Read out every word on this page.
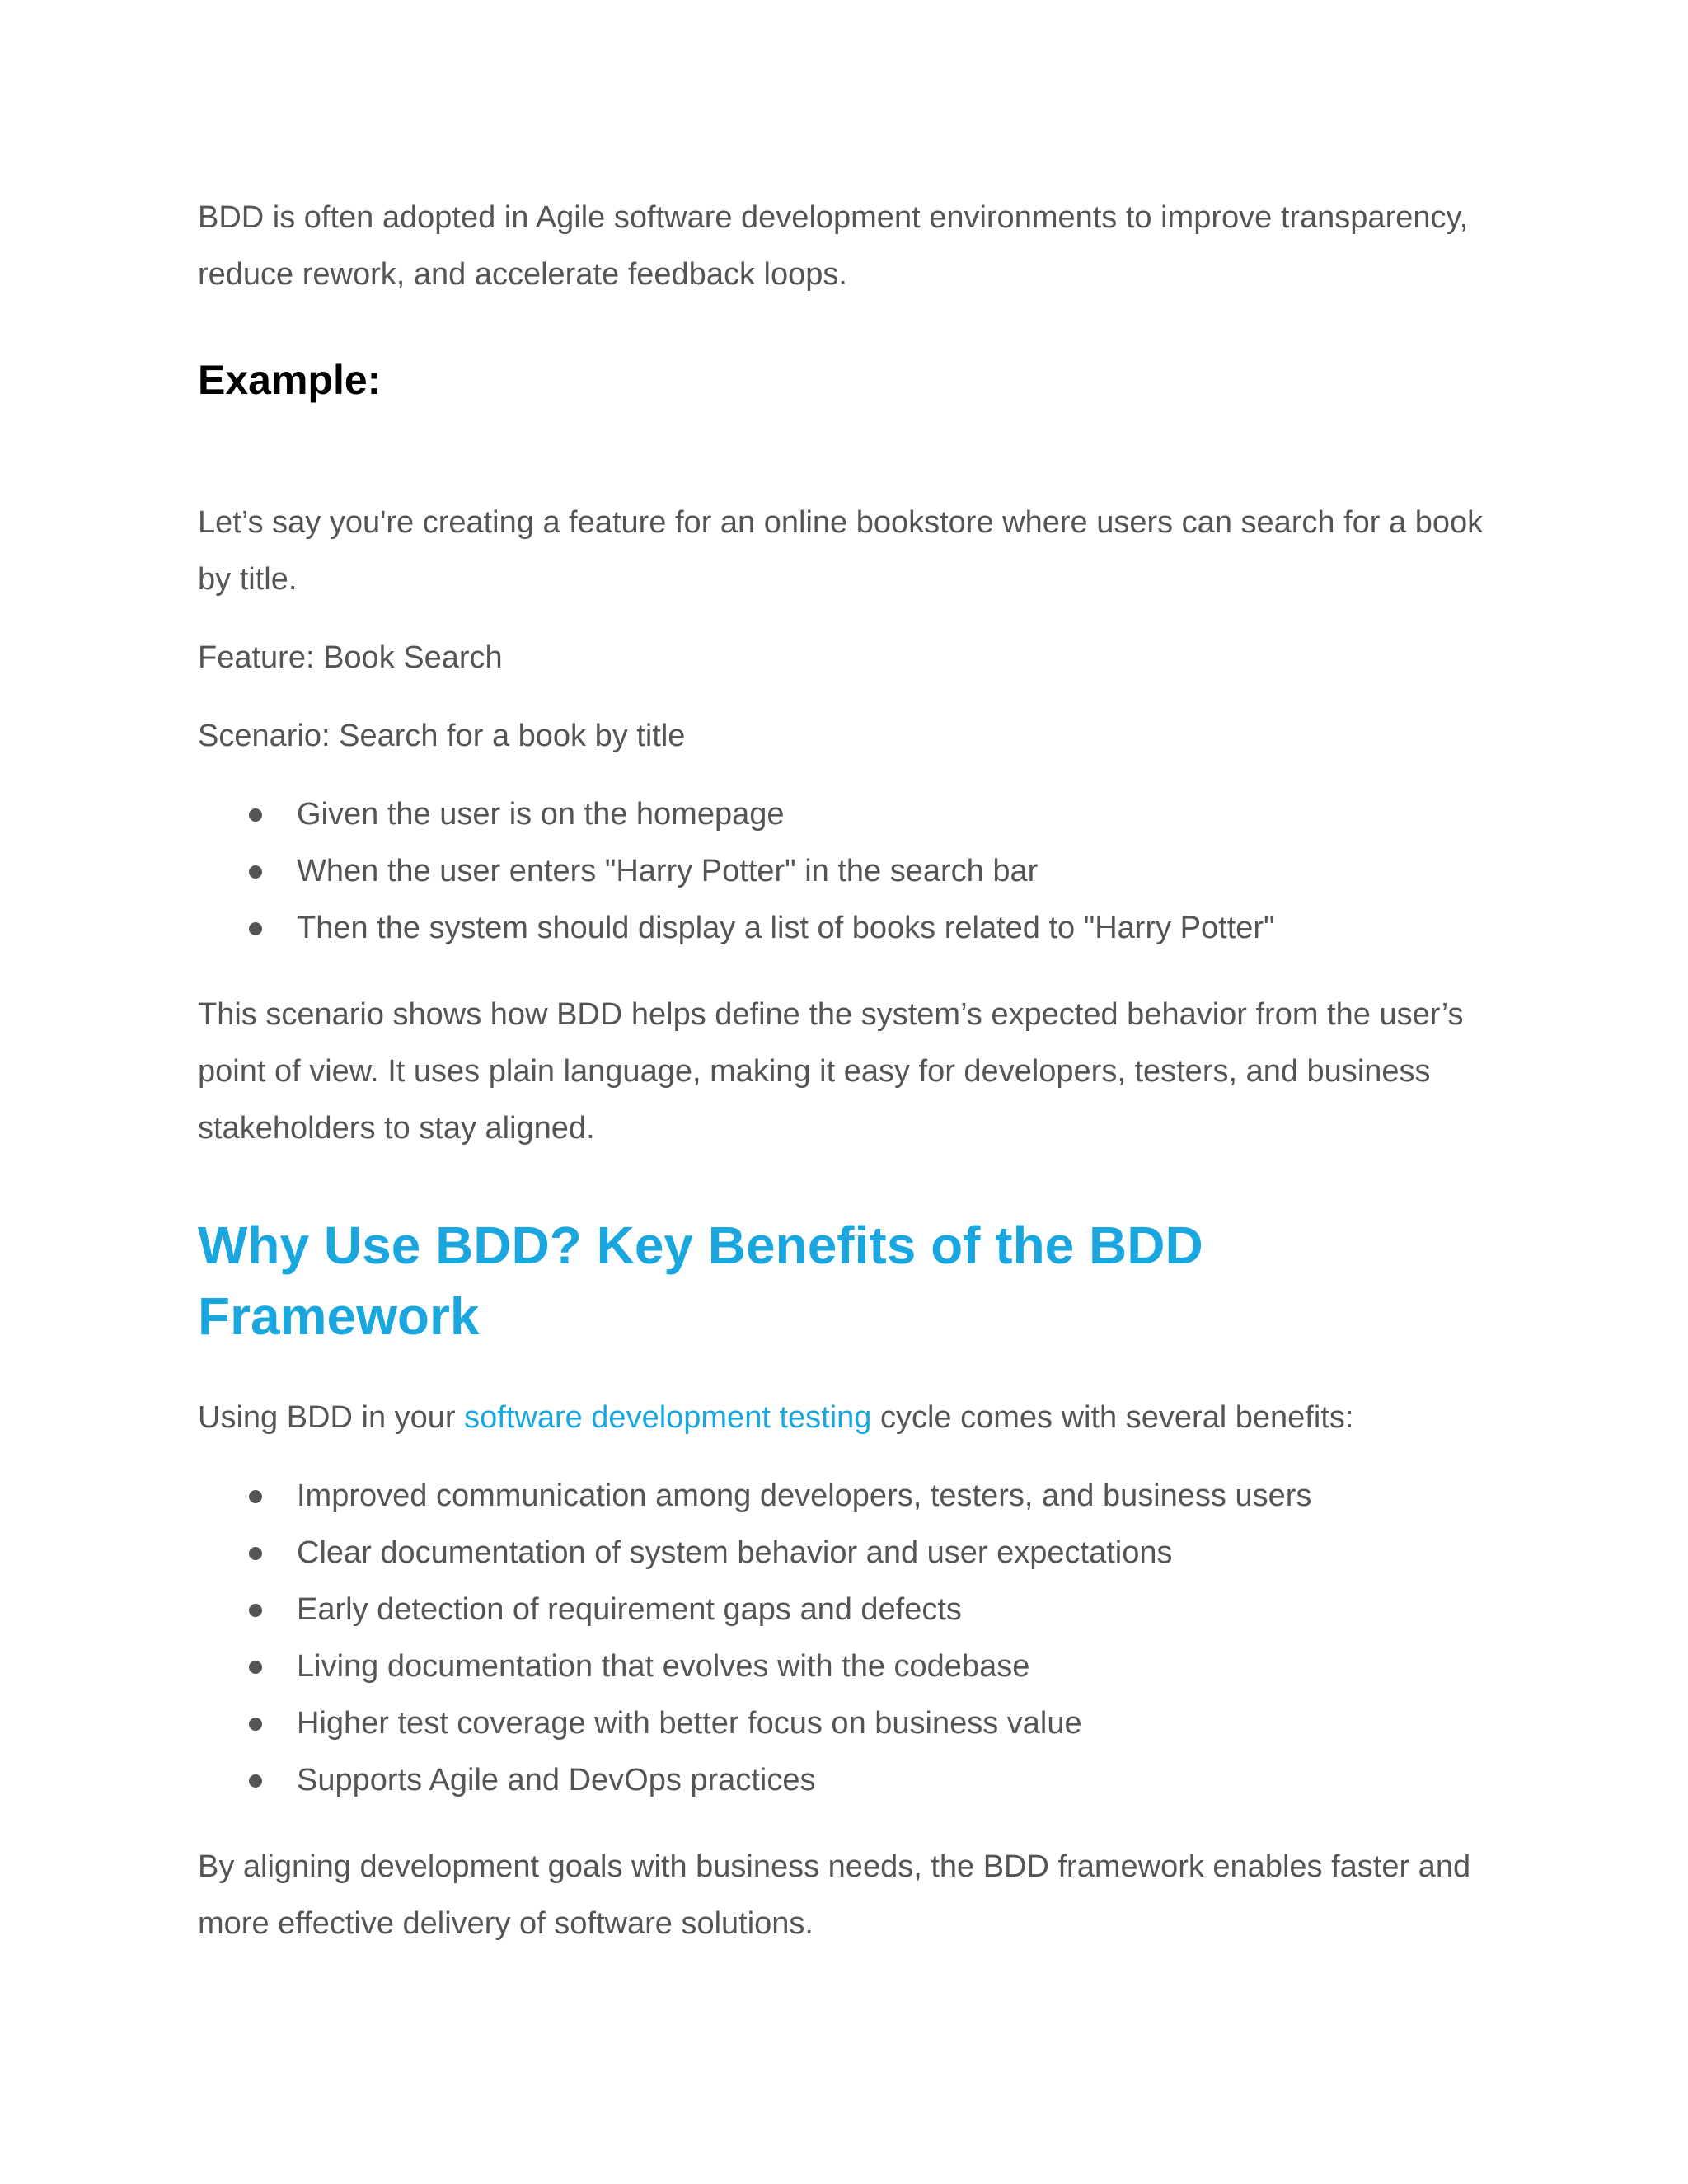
BDD is often adopted in Agile software development environments to improve transparency, reduce rework, and accelerate feedback loops.

Example:

Let’s say you're creating a feature for an online bookstore where users can search for a book by title.

Feature: Book Search

Scenario: Search for a book by title

Given the user is on the homepage
When the user enters "Harry Potter" in the search bar
Then the system should display a list of books related to "Harry Potter"

This scenario shows how BDD helps define the system’s expected behavior from the user’s point of view. It uses plain language, making it easy for developers, testers, and business stakeholders to stay aligned.

Why Use BDD? Key Benefits of the BDD Framework

Using BDD in your software development testing cycle comes with several benefits:

Improved communication among developers, testers, and business users
Clear documentation of system behavior and user expectations
Early detection of requirement gaps and defects
Living documentation that evolves with the codebase
Higher test coverage with better focus on business value
Supports Agile and DevOps practices

By aligning development goals with business needs, the BDD framework enables faster and more effective delivery of software solutions.
